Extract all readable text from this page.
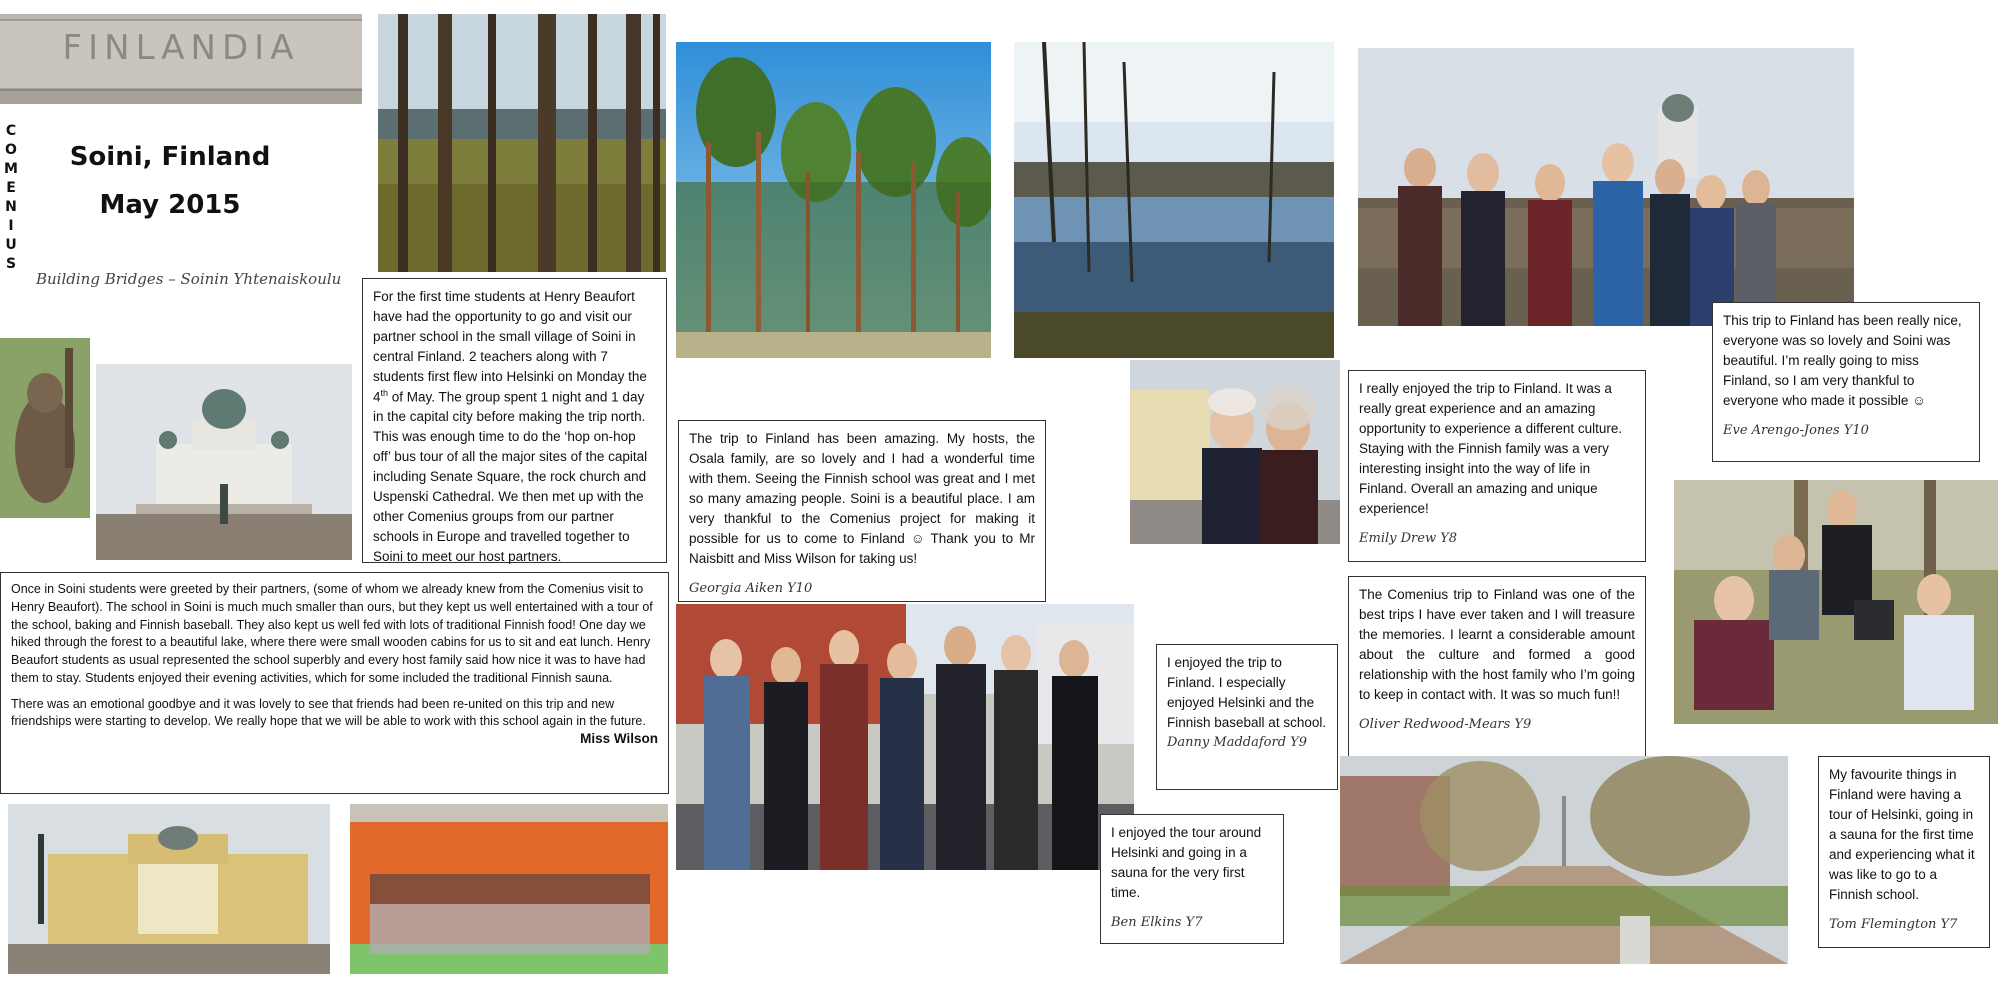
FINLANDIA
C
O
M
E
N
I
U
S
Soini, Finland
May 2015
Building Bridges – Soinin Yhtenaiskoulu
For the first time students at Henry Beaufort have had the opportunity to go and visit our partner school in the small village of Soini in central Finland. 2 teachers along with 7 students first flew into Helsinki on Monday the 4th of May. The group spent 1 night and 1 day in the capital city before making the trip north. This was enough time to do the ‘hop on-hop off’ bus tour of all the major sites of the capital including Senate Square, the rock church and Uspenski Cathedral. We then met up with the other Comenius groups from our partner schools in Europe and travelled together to Soini to meet our host partners.
The trip to Finland has been amazing. My hosts, the Osala family, are so lovely and I had a wonderful time with them. Seeing the Finnish school was great and I met so many amazing people. Soini is a beautiful place. I am very thankful to the Comenius project for making it possible for us to come to Finland ☺ Thank you to Mr Naisbitt and Miss Wilson for taking us!
Georgia Aiken Y10
I really enjoyed the trip to Finland. It was a really great experience and an amazing opportunity to experience a different culture. Staying with the Finnish family was a very interesting insight into the way of life in Finland. Overall an amazing and unique experience!
Emily Drew Y8
This trip to Finland has been really nice, everyone was so lovely and Soini was beautiful. I’m really going to miss Finland, so I am very thankful to everyone who made it possible ☺
Eve Arengo-Jones Y10
The Comenius trip to Finland was one of the best trips I have ever taken and I will treasure the memories. I learnt a considerable amount about the culture and formed a good relationship with the host family who I’m going to keep in contact with. It was so much fun!!
Oliver Redwood-Mears Y9

Once in Soini students were greeted by their partners, (some of whom we already knew from the Comenius visit to Henry Beaufort). The school in Soini is much much smaller than ours, but they kept us well entertained with a tour of the school, baking and Finnish baseball. They also kept us well fed with lots of traditional Finnish food! One day we hiked through the forest to a beautiful lake, where there were small wooden cabins for us to sit and eat lunch. Henry Beaufort students as usual represented the school superbly and every host family said how nice it was to have had them to stay. Students enjoyed their evening activities, which for some included the traditional Finnish sauna.

There was an emotional goodbye and it was lovely to see that friends had been re-united on this trip and new friendships were starting to develop. We really hope that we will be able to work with this school again in the future.

Miss Wilson
I enjoyed the trip to Finland. I especially enjoyed Helsinki and the Finnish baseball at school.
Danny Maddaford Y9
I enjoyed the tour around Helsinki and going in a sauna for the very first time.
Ben Elkins Y7
My favourite things in Finland were having a tour of Helsinki, going in a sauna for the first time and experiencing what it was like to go to a Finnish school.
Tom Flemington Y7
